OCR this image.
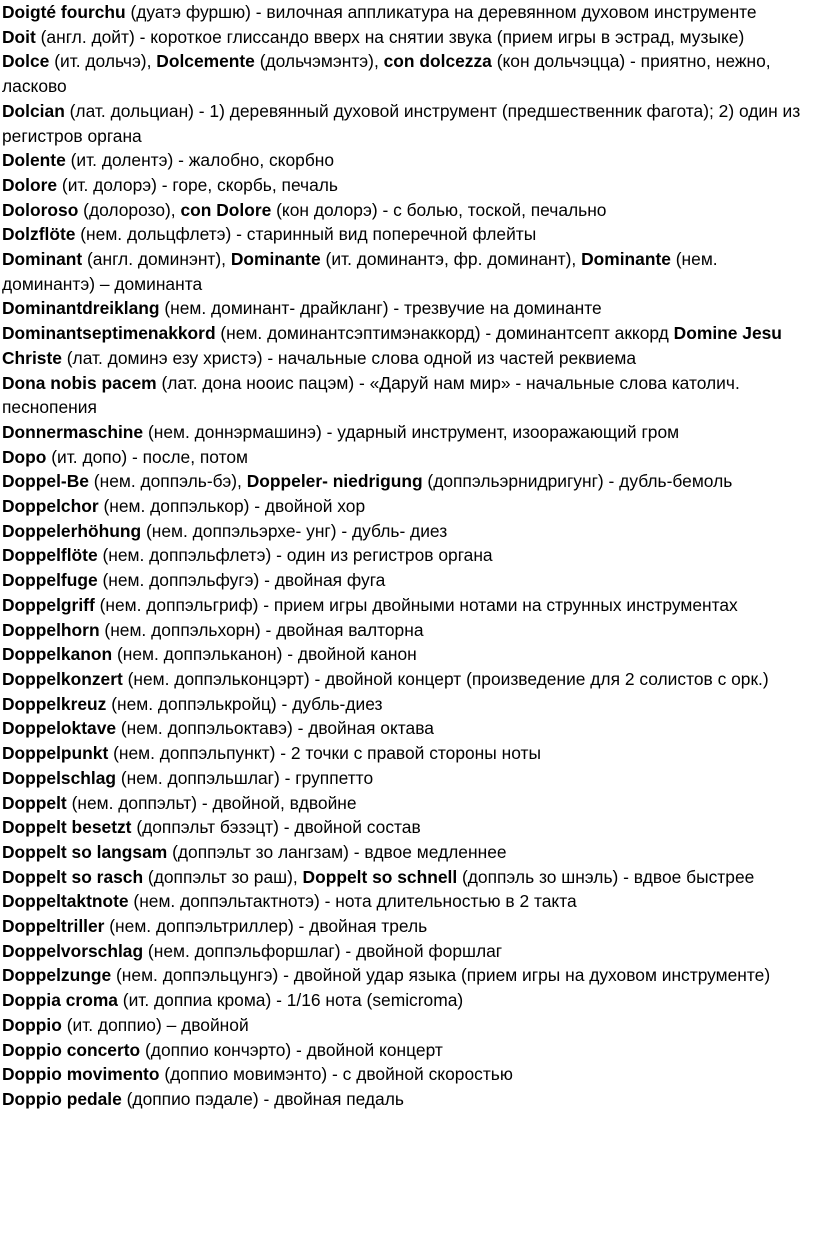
Doigté fourchu (дуатэ фуршю) - вилочная аппликатура на деревянном духовом инструменте

Doit (англ. дойт) - короткое глиссандо вверх на снятии звука (прием игры в эстрад, музыке)

Dolce (ит. дольчэ), Dolcemente (дольчэмэнтэ), con dolcezza (кон дольчэцца) - приятно, нежно, ласково

Dolcian (лат. дольциан) - 1) деревянный духовой инструмент (предшественник фагота); 2) один из регистров органа

Dolente (ит. долентэ) - жалобно, скорбно

Dolore (ит. долорэ) - горе, скорбь, печаль

Doloroso (долорозо), con Dolore (кон долорэ) - с болью, тоской, печально

Dolzflöte (нем. дольцфлетэ) - старинный вид поперечной флейты

Dominant (англ. доминэнт), Dominante (ит. доминантэ, фр. доминант), Dominante (нем. доминантэ) – доминанта

Dominantdreiklang (нем. доминант- драйкланг) - трезвучие на доминанте

Dominantseptimenakkord (нем. доминантсэптимэнаккорд) - доминантсепт аккорд Domine Jesu Christe (лат. доминэ езу христэ) - начальные слова одной из частей реквиема

Dona nobis pacem (лат. дона нооис пацэм) - «Даруй нам мир» - начальные слова католич. песнопения

Donnermaschine (нем. доннэрмашинэ) - ударный инструмент, изооражающий гром

Dopo (ит. допо) - после, потом

Doppel-Be (нем. доппэль-бэ), Doppeler- niedrigung (доппэльэрнидригунг) - дубль-бемоль

Doppelchor (нем. доппэлькор) - двойной хор

Doppelerhöhung (нем. доппэльэрхе- унг) - дубль- диез

Doppelflöte (нем. доппэльфлетэ) - один из регистров органа

Doppelfuge (нем. доппэльфугэ) - двойная фуга

Doppelgriff (нем. доппэльгриф) - прием игры двойными нотами на струнных инструментах

Doppelhorn (нем. доппэльхорн) - двойная валторна

Doppelkanon (нем. доппэльканон) - двойной канон

Doppelkonzert (нем. доппэльконцэрт) - двойной концерт (произведение для 2 солистов с орк.)

Doppelkreuz (нем. доппэлькройц) - дубль-диез

Doppeloktave (нем. доппэльоктавэ) - двойная октава

Doppelpunkt (нем. доппэльпункт) - 2 точки с правой стороны ноты

Doppelschlag (нем. доппэльшлаг) - группетто

Doppelt (нем. доппэльт) - двойной, вдвойне

Doppelt besetzt (доппэльт бэзэцт) - двойной состав

Doppelt so langsam (доппэльт зо лангзам) - вдвое медленнее

Doppelt so rasch (доппэльт зо раш), Doppelt so schnell (доппэль зо шнэль) - вдвое быстрее

Doppeltaktnote (нем. доппэльтактнотэ) - нота длительностью в 2 такта

Doppeltriller (нем. доппэльтриллер) - двойная трель

Doppelvorschlag (нем. доппэльфоршлаг) - двойной форшлаг

Doppelzunge (нем. доппэльцунгэ) - двойной удар языка (прием игры на духовом инструменте)

Doppia croma (ит. доппиа крома) - 1/16 нота (semicroma)

Doppio (ит. доппио) – двойной

Doppio concerto (доппио кончэрто) - двойной концерт

Doppio movimento (доппио мовимэнто) - с двойной скоростью

Doppio pedale (доппио пэдале) - двойная педаль
